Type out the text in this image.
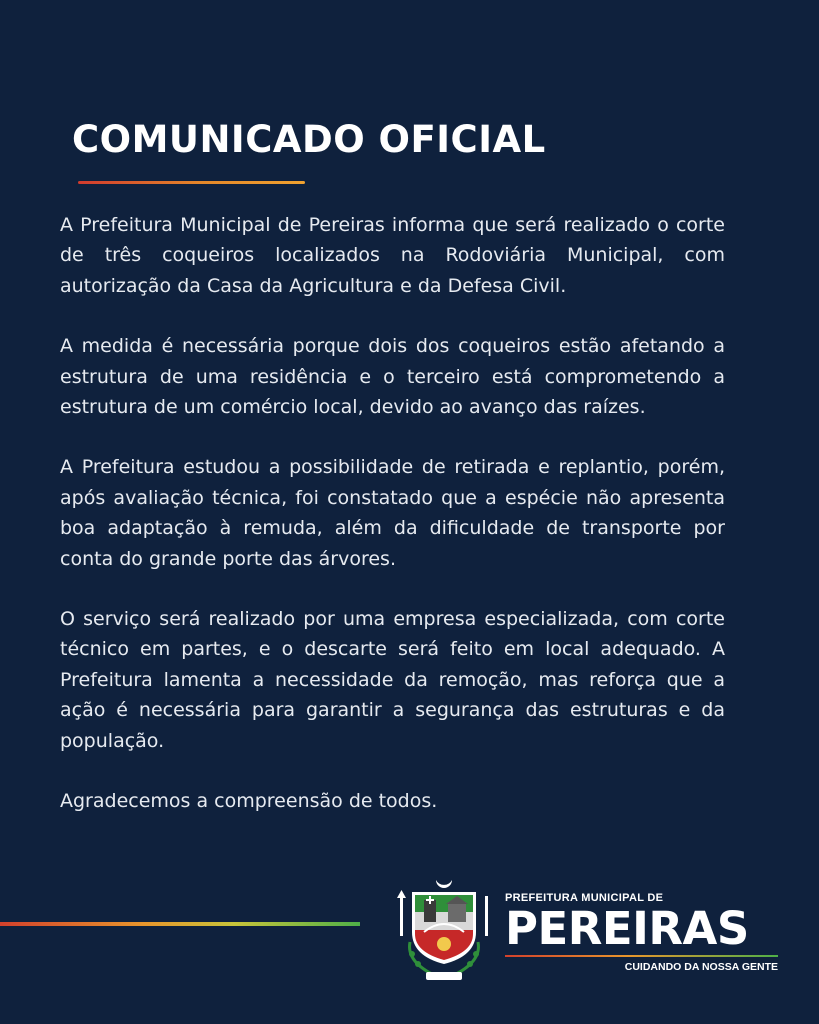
COMUNICADO OFICIAL

A Prefeitura Municipal de Pereiras informa que será realizado o corte de três coqueiros localizados na Rodoviária Municipal, com autorização da Casa da Agricultura e da Defesa Civil.

A medida é necessária porque dois dos coqueiros estão afetando a estrutura de uma residência e o terceiro está comprometendo a estrutura de um comércio local, devido ao avanço das raízes.

A Prefeitura estudou a possibilidade de retirada e replantio, porém, após avaliação técnica, foi constatado que a espécie não apresenta boa adaptação à remuda, além da dificuldade de transporte por conta do grande porte das árvores.

O serviço será realizado por uma empresa especializada, com corte técnico em partes, e o descarte será feito em local adequado. A Prefeitura lamenta a necessidade da remoção, mas reforça que a ação é necessária para garantir a segurança das estruturas e da população.

Agradecemos a compreensão de todos.

PREFEITURA MUNICIPAL DE
PEREIRAS
CUIDANDO DA NOSSA GENTE
